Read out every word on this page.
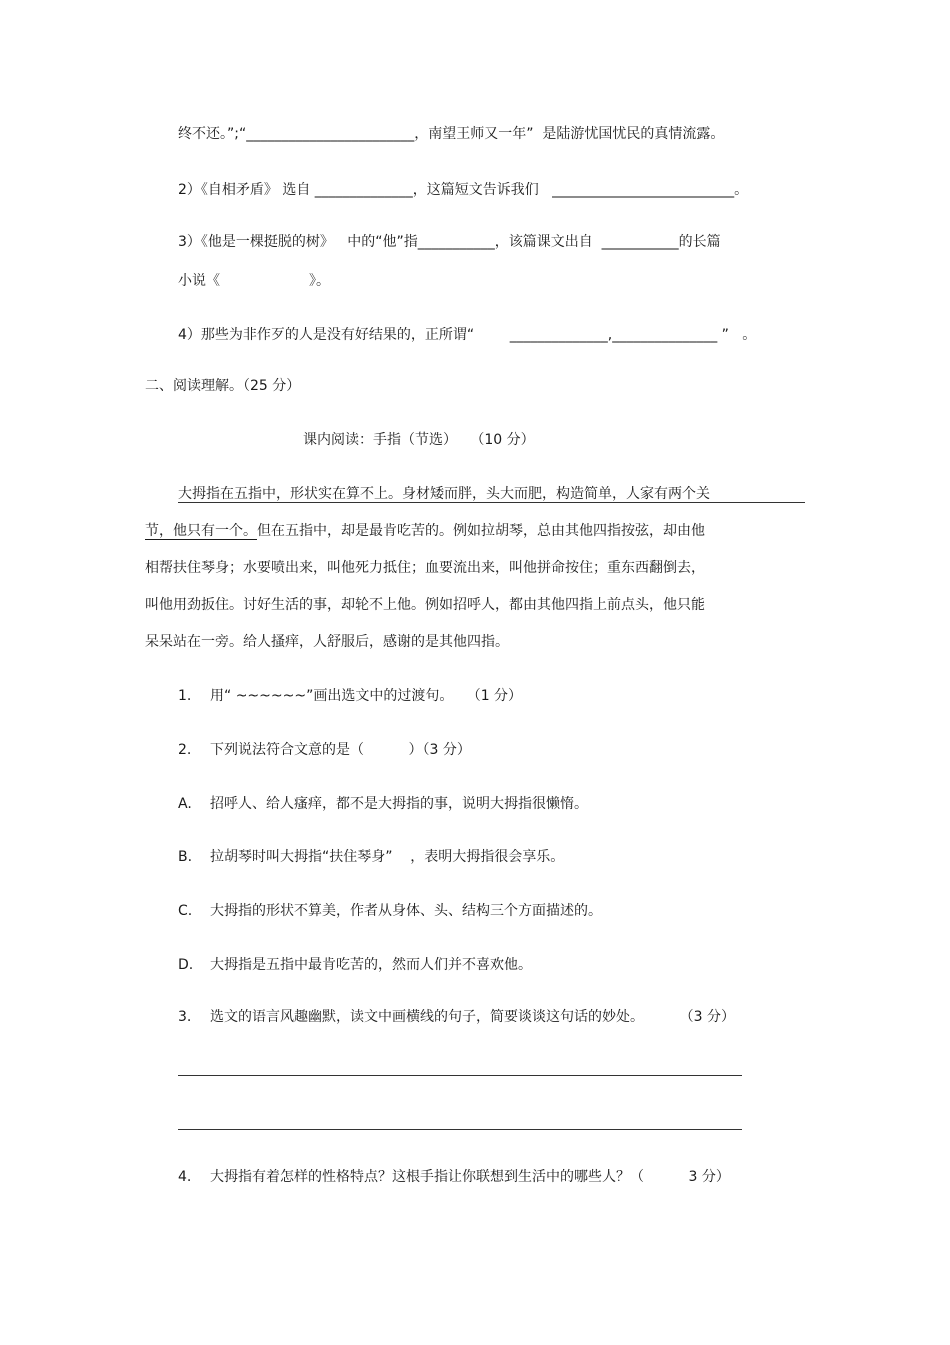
终不还。”;“________________________，南望王师又一年”  是陆游忧国忧民的真情流露。
2）《自相矛盾》 选自 ______________，这篇短文告诉我们   __________________________。
3）《他是一棵挺脱的树》   中的“他”指___________，该篇课文出自  ___________的长篇
小说《                    》。
4）那些为非作歹的人是没有好结果的，正所谓“        ______________,_______________ ”   。
二、阅读理解。（25 分）
课内阅读：手指（节选）   （10 分）
大拇指在五指中，形状实在算不上。身材矮而胖，头大而肥，构造简单，人家有两个关
节，他只有一个。但在五指中，却是最肯吃苦的。例如拉胡琴，总由其他四指按弦，却由他
相帮扶住琴身；水要喷出来，叫他死力抵住；血要流出来，叫他拼命按住；重东西翻倒去，
叫他用劲扳住。讨好生活的事，却轮不上他。例如招呼人，都由其他四指上前点头，他只能
呆呆站在一旁。给人搔痒，人舒服后，感谢的是其他四指。
1. 用“ ~~~~~~”画出选文中的过渡句。   （1 分）
2. 下列说法符合文意的是（          ）（3 分）
A. 招呼人、给人瘙痒，都不是大拇指的事，说明大拇指很懒惰。
B. 拉胡琴时叫大拇指“扶住琴身”    ，表明大拇指很会享乐。
C. 大拇指的形状不算美，作者从身体、头、结构三个方面描述的。
D. 大拇指是五指中最肯吃苦的，然而人们并不喜欢他。
3. 选文的语言风趣幽默，读文中画横线的句子，简要谈谈这句话的妙处。        （3 分）
4. 大拇指有着怎样的性格特点？这根手指让你联想到生活中的哪些人？（          3 分）
